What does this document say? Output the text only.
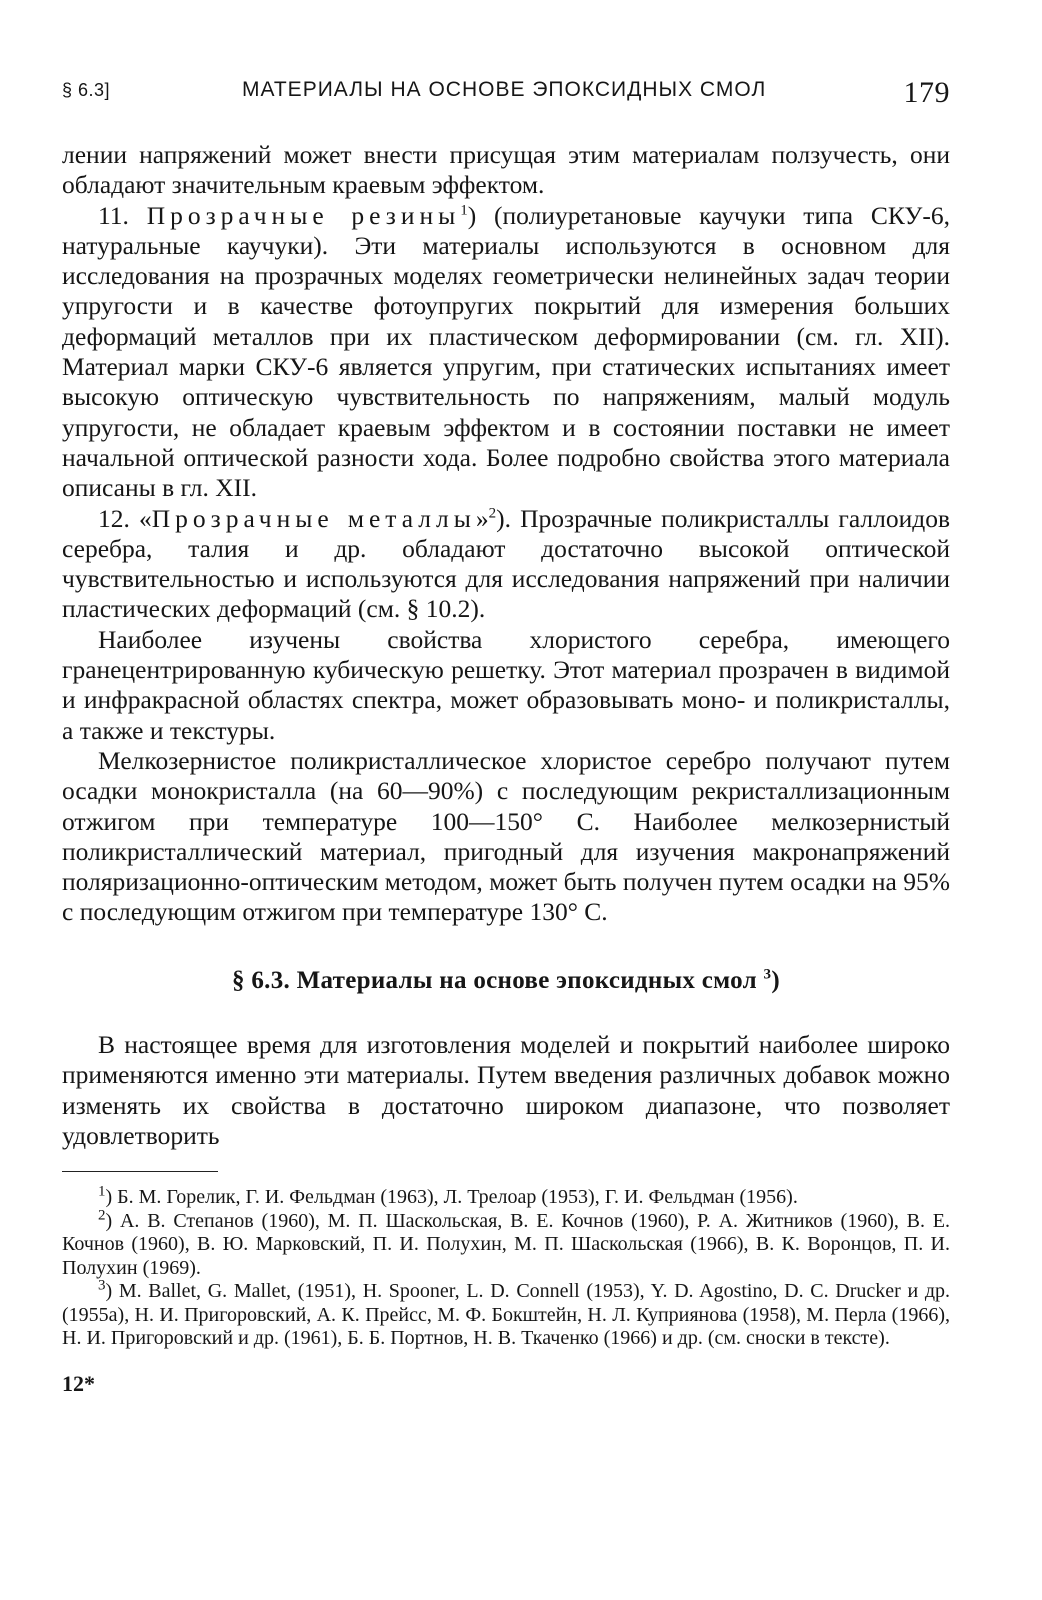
§ 6.3]	МАТЕРИАЛЫ НА ОСНОВЕ ЭПОКСИДНЫХ СМОЛ	179

лении напряжений может внести присущая этим материалам ползучесть, они обладают значительным краевым эффектом.

11. Прозрачные резины$^1$) (полиуретановые каучуки типа СКУ-6, натуральные каучуки). Эти материалы используются в основном для исследования на прозрачных моделях геометрически нелинейных задач теории упругости и в качестве фотоупругих покрытий для измерения больших деформаций металлов при их пластическом деформировании (см. гл. XII). Материал марки СКУ-6 является упругим, при статических испытаниях имеет высокую оптическую чувствительность по напряжениям, малый модуль упругости, не обладает краевым эффектом и в состоянии поставки не имеет начальной оптической разности хода. Более подробно свойства этого материала описаны в гл. XII.

12. «Прозрачные металлы»$^2$). Прозрачные поликристаллы галлоидов серебра, талия и др. обладают достаточно высокой оптической чувствительностью и используются для исследования напряжений при наличии пластических деформаций (см. § 10.2).

Наиболее изучены свойства хлористого серебра, имеющего гранецентрированную кубическую решетку. Этот материал прозрачен в видимой и инфракрасной областях спектра, может образовывать моно- и поликристаллы, а также и текстуры.

Мелкозернистое поликристаллическое хлористое серебро получают путем осадки монокристалла (на 60—90%) с последующим рекристаллизационным отжигом при температуре 100—150° С. Наиболее мелкозернистый поликристаллический материал, пригодный для изучения макронапряжений поляризационно-оптическим методом, может быть получен путем осадки на 95% с последующим отжигом при температуре 130° С.

§ 6.3. Материалы на основе эпоксидных смол $^3$)

В настоящее время для изготовления моделей и покрытий наиболее широко применяются именно эти материалы. Путем введения различных добавок можно изменять их свойства в достаточно широком диапазоне, что позволяет удовлетворить

$^1$) Б. М. Горелик, Г. И. Фельдман (1963), Л. Трелоар (1953), Г. И. Фельдман (1956).

$^2$) А. В. Степанов (1960), М. П. Шаскольская, В. Е. Кочнов (1960), Р. А. Житников (1960), В. Е. Кочнов (1960), В. Ю. Марковский, П. И. Полухин, М. П. Шаскольская (1966), В. К. Воронцов, П. И. Полухин (1969).

$^3$) M. Ballet, G. Mallet, (1951), H. Spooner, L. D. Connell (1953), Y. D. Agostino, D. C. Drucker и др. (1955а), Н. И. Пригоровский, А. К. Прейсс, М. Ф. Бокштейн, Н. Л. Куприянова (1958), М. Перла (1966), Н. И. Пригоровский и др. (1961), Б. Б. Портнов, Н. В. Ткаченко (1966) и др. (см. сноски в тексте).

12*
